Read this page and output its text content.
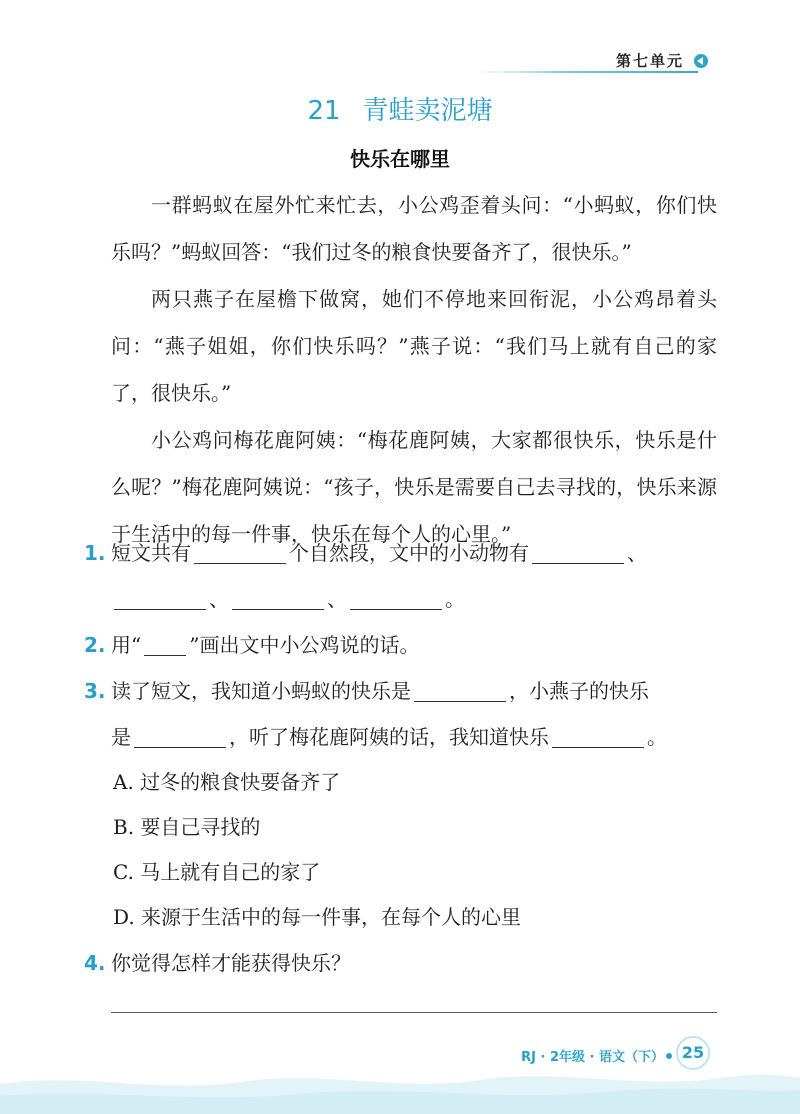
第七单元
21 青蛙卖泥塘
快乐在哪里

一群蚂蚁在屋外忙来忙去，小公鸡歪着头问：“小蚂蚁，你们快乐吗？”蚂蚁回答：“我们过冬的粮食快要备齐了，很快乐。”

两只燕子在屋檐下做窝，她们不停地来回衔泥，小公鸡昂着头问：“燕子姐姐，你们快乐吗？”燕子说：“我们马上就有自己的家了，很快乐。”

小公鸡问梅花鹿阿姨：“梅花鹿阿姨，大家都很快乐，快乐是什么呢？”梅花鹿阿姨说：“孩子，快乐是需要自己去寻找的，快乐来源于生活中的每一件事，快乐在每个人的心里。”

1. 短文共有	个自然段，文中的小动物有	、
、	、	。
2. 用“ ”画出文中小公鸡说的话。
3. 读了短文，我知道小蚂蚁的快乐是	，小燕子的快乐
是	，听了梅花鹿阿姨的话，我知道快乐	。
A. 过冬的粮食快要备齐了
B. 要自己寻找的
C. 马上就有自己的家了
D. 来源于生活中的每一件事，在每个人的心里
4. 你觉得怎样才能获得快乐？
RJ · 2年级 · 语文（下）	25
